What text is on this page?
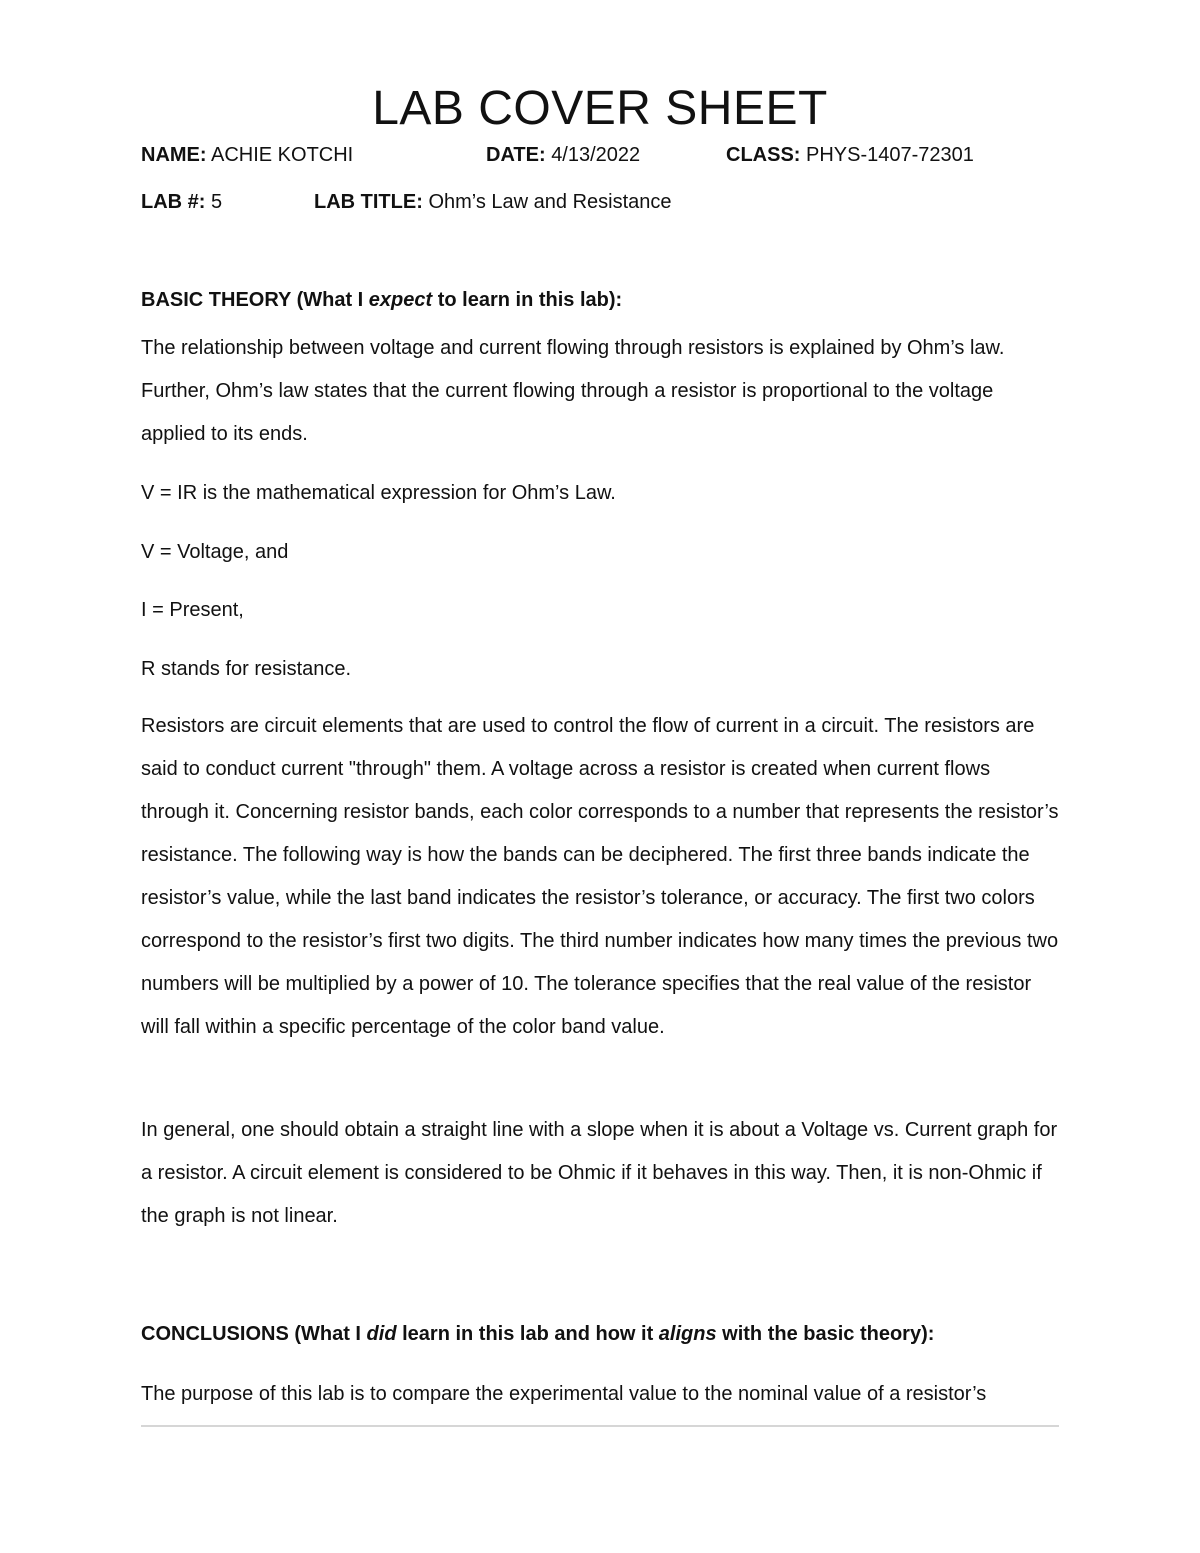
LAB COVER SHEET
NAME: ACHIE KOTCHI	DATE: 4/13/2022	CLASS: PHYS-1407-72301
LAB #: 5	LAB TITLE: Ohm’s Law and Resistance
BASIC THEORY (What I expect to learn in this lab):
The relationship between voltage and current flowing through resistors is explained by Ohm’s law. Further, Ohm’s law states that the current flowing through a resistor is proportional to the voltage applied to its ends.
V = IR is the mathematical expression for Ohm’s Law.
V = Voltage, and
I = Present,
R stands for resistance.
Resistors are circuit elements that are used to control the flow of current in a circuit. The resistors are said to conduct current "through" them. A voltage across a resistor is created when current flows through it. Concerning resistor bands, each color corresponds to a number that represents the resistor’s resistance. The following way is how the bands can be deciphered. The first three bands indicate the resistor’s value, while the last band indicates the resistor’s tolerance, or accuracy. The first two colors correspond to the resistor’s first two digits. The third number indicates how many times the previous two numbers will be multiplied by a power of 10. The tolerance specifies that the real value of the resistor will fall within a specific percentage of the color band value.
In general, one should obtain a straight line with a slope when it is about a Voltage vs. Current graph for a resistor. A circuit element is considered to be Ohmic if it behaves in this way. Then, it is non-Ohmic if the graph is not linear.
CONCLUSIONS (What I did learn in this lab and how it aligns with the basic theory):
The purpose of this lab is to compare the experimental value to the nominal value of a resistor’s
